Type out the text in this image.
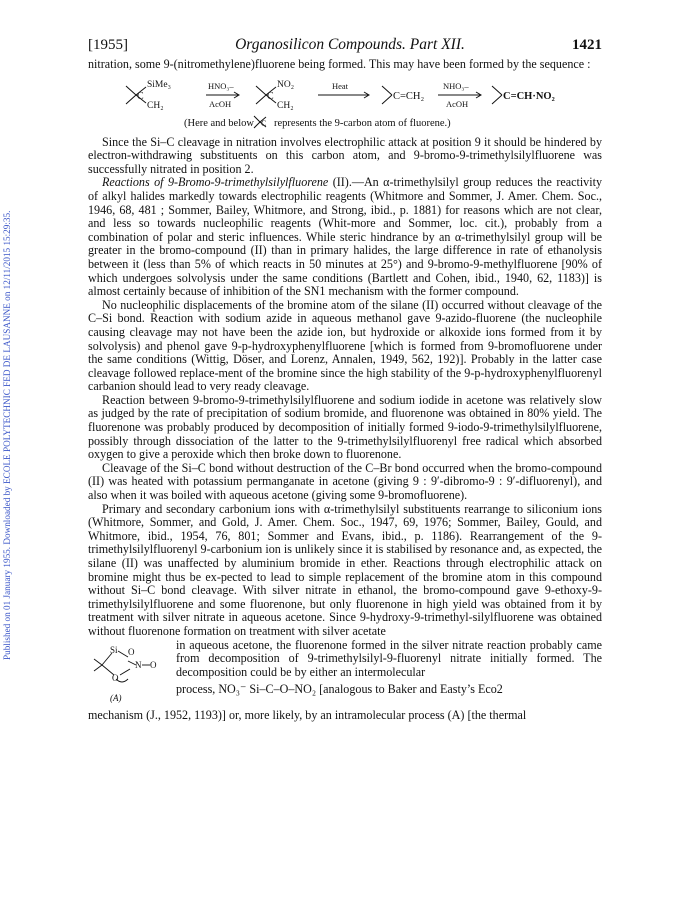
Published on 01 January 1955. Downloaded by ECOLE POLYTECHNIC FED DE LAUSANNE on 12/11/2015 15:29:35.
[1955]	Organosilicon Compounds. Part XII.	1421

nitration, some 9-(nitromethylene)fluorene being formed. This may have been formed by the sequence :

C
SiMe₃
CH₂
HNO₃–
AcOH
C
NO₂
CH₂
Heat
C=CH₂
NHO₃–
AcOH
C=CH·NO₂
(Here and below C represents the 9-carbon atom of fluorene.)

Since the Si–C cleavage in nitration involves electrophilic attack at position 9 it should be hindered by electron-withdrawing substituents on this carbon atom, and 9-bromo-9-trimethylsilylfluorene was successfully nitrated in position 2.

Reactions of 9-Bromo-9-trimethylsilylfluorene (II).—An α-trimethylsilyl group reduces the reactivity of alkyl halides markedly towards electrophilic reagents (Whitmore and Sommer, J. Amer. Chem. Soc., 1946, 68, 481 ; Sommer, Bailey, Whitmore, and Strong, ibid., p. 1881) for reasons which are not clear, and less so towards nucleophilic reagents (Whit-more and Sommer, loc. cit.), probably from a combination of polar and steric influences. While steric hindrance by an α-trimethylsilyl group will be greater in the bromo-compound (II) than in primary halides, the large difference in rate of ethanolysis between it (less than 5% of which reacts in 50 minutes at 25°) and 9-bromo-9-methylfluorene [90% of which undergoes solvolysis under the same conditions (Bartlett and Cohen, ibid., 1940, 62, 1183)] is almost certainly because of inhibition of the SN1 mechanism with the former compound.

No nucleophilic displacements of the bromine atom of the silane (II) occurred without cleavage of the C–Si bond. Reaction with sodium azide in aqueous methanol gave 9-azido-fluorene (the nucleophile causing cleavage may not have been the azide ion, but hydroxide or alkoxide ions formed from it by solvolysis) and phenol gave 9-p-hydroxyphenylfluorene [which is formed from 9-bromofluorene under the same conditions (Wittig, Döser, and Lorenz, Annalen, 1949, 562, 192)]. Probably in the latter case cleavage followed replace-ment of the bromine since the high stability of the 9-p-hydroxyphenylfluorenyl carbanion should lead to very ready cleavage.

Reaction between 9-bromo-9-trimethylsilylfluorene and sodium iodide in acetone was relatively slow as judged by the rate of precipitation of sodium bromide, and fluorenone was obtained in 80% yield. The fluorenone was probably produced by decomposition of initially formed 9-iodo-9-trimethylsilylfluorene, possibly through dissociation of the latter to the 9-trimethylsilylfluorenyl free radical which absorbed oxygen to give a peroxide which then broke down to fluorenone.

Cleavage of the Si–C bond without destruction of the C–Br bond occurred when the bromo-compound (II) was heated with potassium permanganate in acetone (giving 9 : 9′-dibromo-9 : 9′-difluorenyl), and also when it was boiled with aqueous acetone (giving some 9-bromofluorene).

Primary and secondary carbonium ions with α-trimethylsilyl substituents rearrange to siliconium ions (Whitmore, Sommer, and Gold, J. Amer. Chem. Soc., 1947, 69, 1976; Sommer, Bailey, Gould, and Whitmore, ibid., 1954, 76, 801; Sommer and Evans, ibid., p. 1186). Rearrangement of the 9-trimethylsilylfluorenyl 9-carbonium ion is unlikely since it is stabilised by resonance and, as expected, the silane (II) was unaffected by aluminium bromide in ether. Reactions through electrophilic attack on bromine might thus be ex-pected to lead to simple replacement of the bromine atom in this compound without Si–C bond cleavage. With silver nitrate in ethanol, the bromo-compound gave 9-ethoxy-9-trimethylsilylfluorene and some fluorenone, but only fluorenone in high yield was obtained from it by treatment with silver nitrate in aqueous acetone. Since 9-hydroxy-9-trimethyl-silylfluorene was obtained without fluorenone formation on treatment with silver acetate

Si O
N
O
O
(A)

in aqueous acetone, the fluorenone formed in the silver nitrate reaction probably came from decomposition of 9-trimethylsilyl-9-fluorenyl nitrate initially formed. The decomposition could be by either an intermolecular

process, NO₃⁻ Si–C–O–NO₂ [analogous to Baker and Easty’s Eco2

mechanism (J., 1952, 1193)] or, more likely, by an intramolecular process (A) [the thermal
